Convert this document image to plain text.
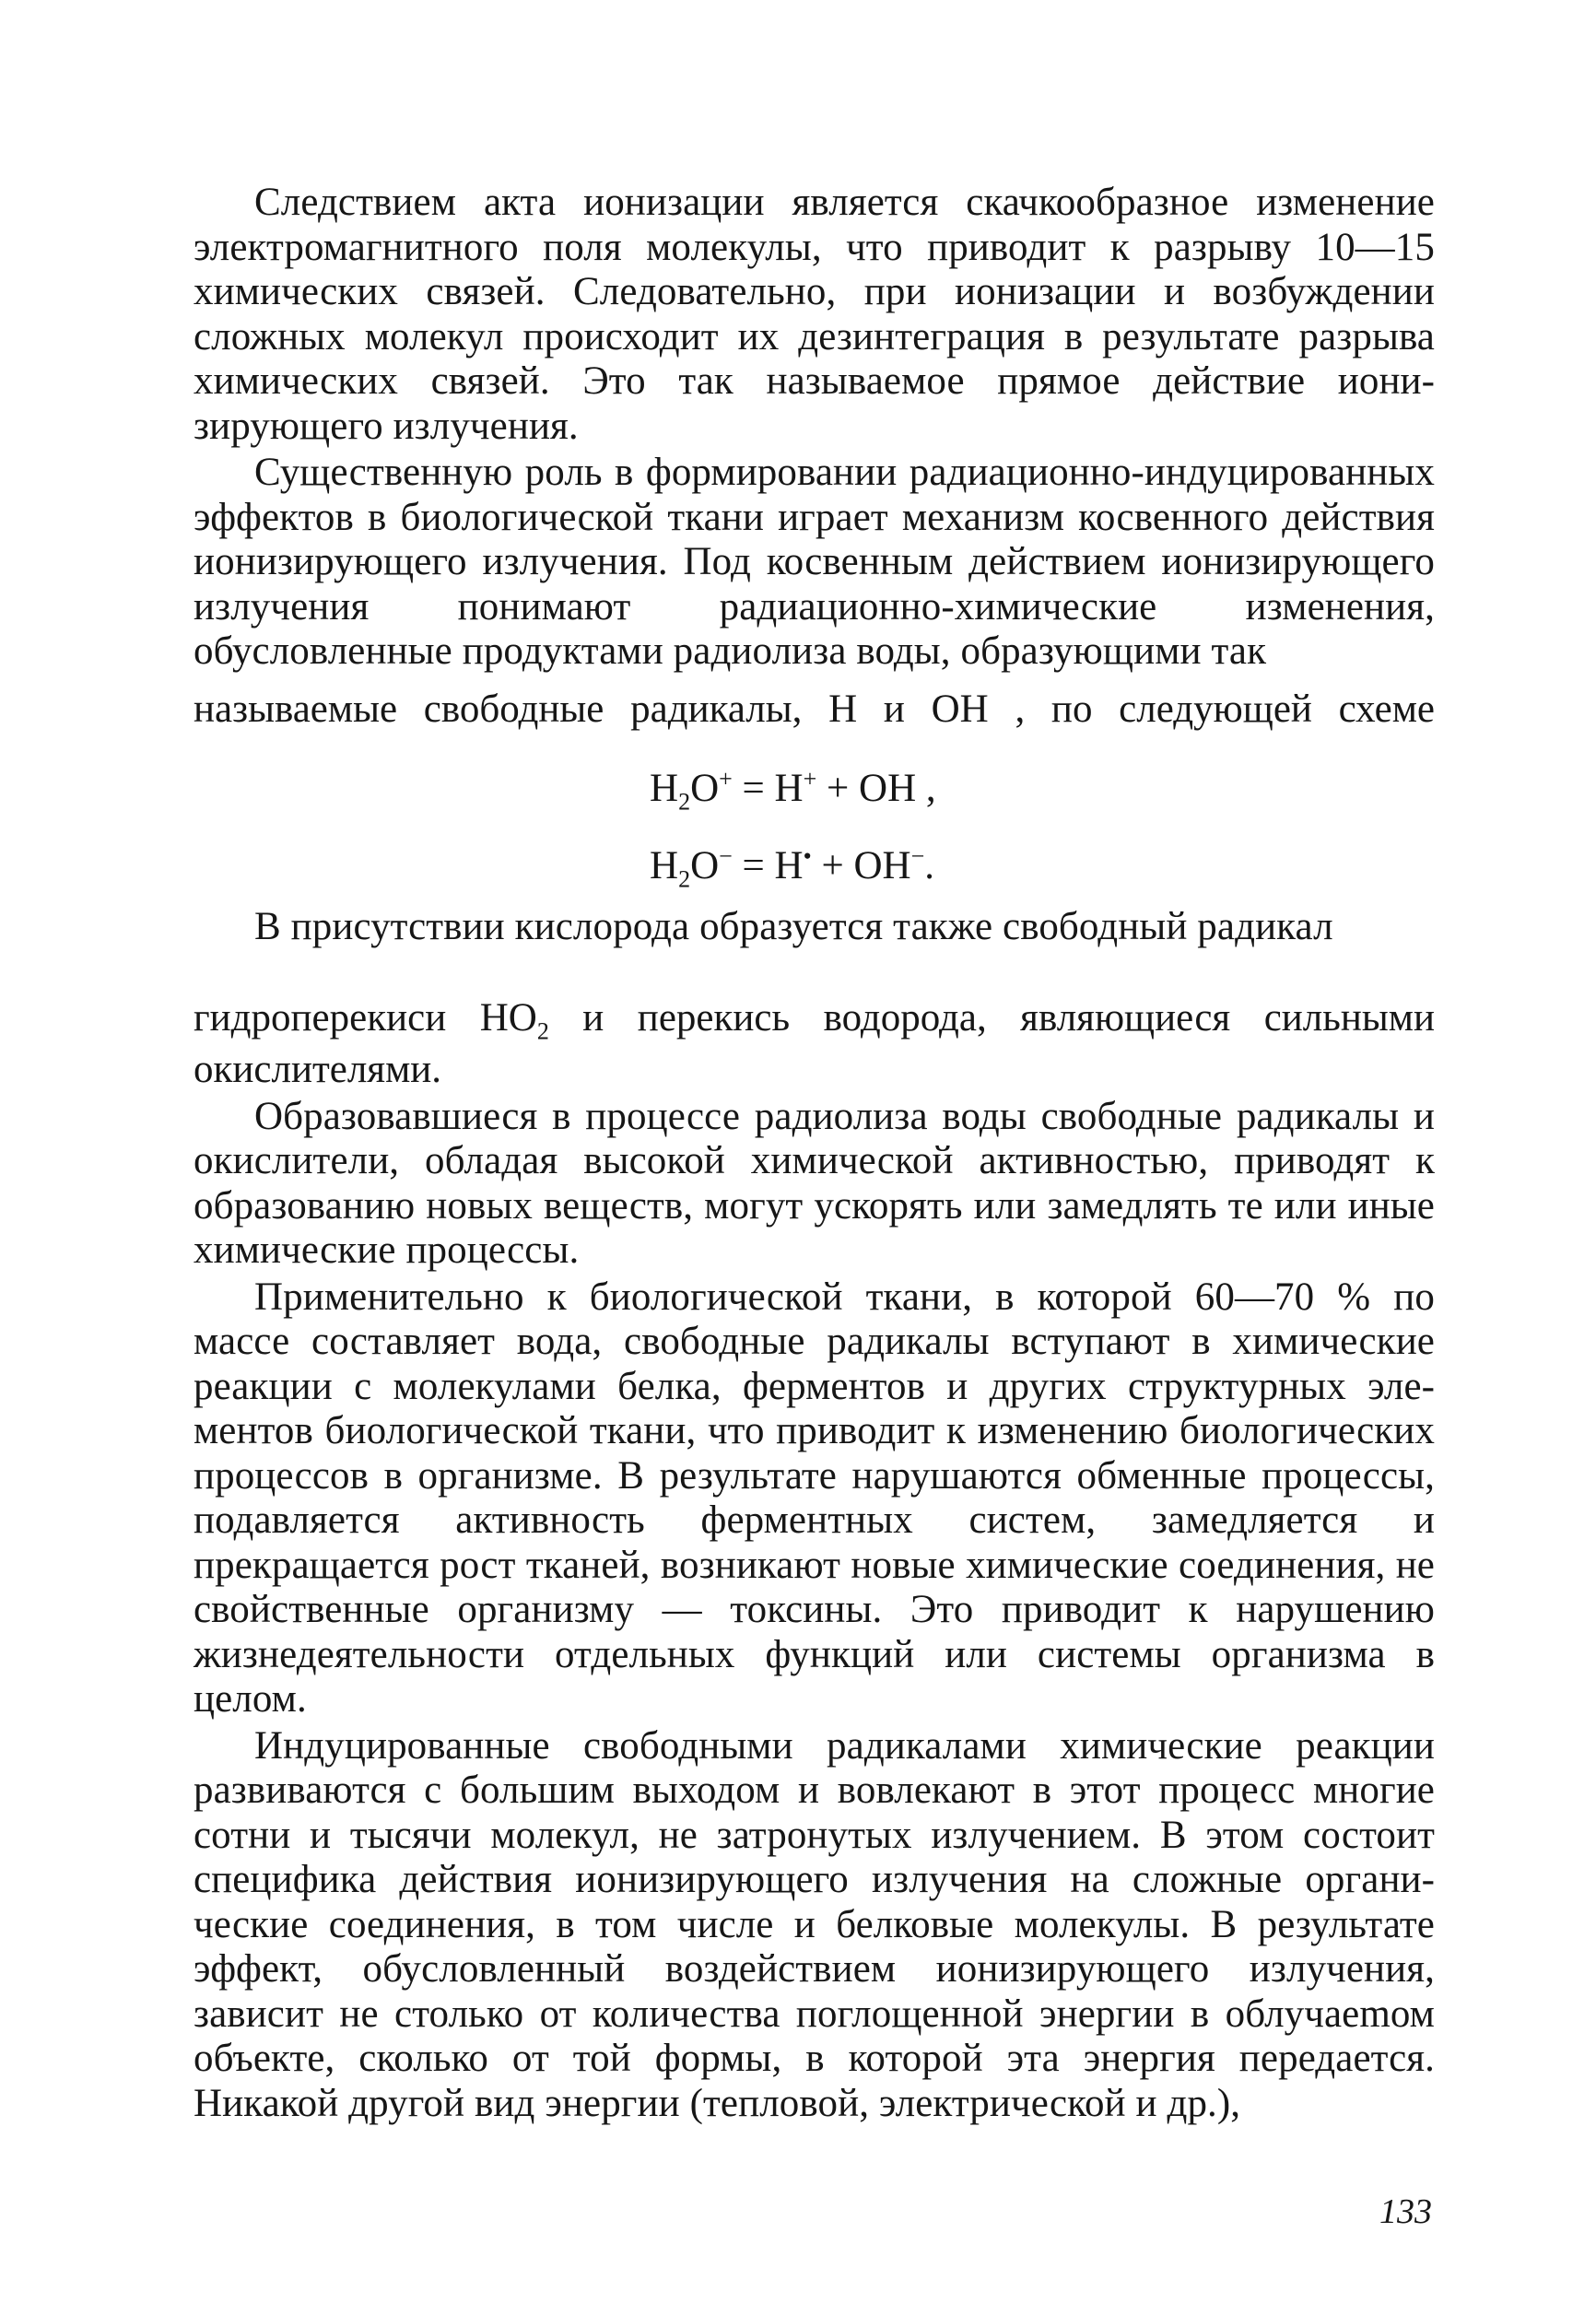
Следствием акта ионизации является скачкообразное изменение электромагнитного поля молекулы, что приводит к разрыву 10—15 химических связей. Следовательно, при ионизации и возбуждении сложных молекул происходит их дезинтеграция в результате разрыва химических связей. Это так называемое прямое действие ионизирующего излучения.

Существенную роль в формировании радиационно-индуцированных эффектов в биологической ткани играет механизм косвенного действия ионизирующего излучения. Под косвенным действием ионизирующего излучения понимают радиационно-химические изменения, обусловленные продуктами радиолиза воды, образующими так

называемые свободные радикалы, Н и ОН , по следующей схеме
$Н_2О^+ = Н^+$ + ОН ,
$Н_2О^- = Н^• + ОН^-$.

В присутствии кислорода образуется также свободный радикал

гидроперекиси $НО_2$ и перекись водорода, являющиеся сильными

окислителями.

Образовавшиеся в процессе радиолиза воды свободные радикалы и окислители, обладая высокой химической активностью, приводят к образованию новых веществ, могут ускорять или замедлять те или иные химические процессы.

Применительно к биологической ткани, в которой 60—70 % по массе составляет вода, свободные радикалы вступают в химические реакции с молекулами белка, ферментов и других структурных элементов биологической ткани, что приводит к изменению биологических процессов в организме. В результате нарушаются обменные процессы, подавляется активность ферментных систем, замедляется и прекращается рост тканей, возникают новые химические соединения, не свойственные организму — токсины. Это приводит к нарушению жизнедеятельности отдельных функций или системы организма в целом.

Индуцированные свободными радикалами химические реакции развиваются с большим выходом и вовлекают в этот процесс многие сотни и тысячи молекул, не затронутых излучением. В этом состоит специфика действия ионизирующего излучения на сложные органические соединения, в том числе и белковые молекулы. В результате эффект, обусловленный воздействием ионизирующего излучения, зависит не столько от количества поглощенной энергии в облучаеmом объекте, сколько от той формы, в которой эта энергия передается. Никакой другой вид энергии (тепловой, электрической и др.),

133
